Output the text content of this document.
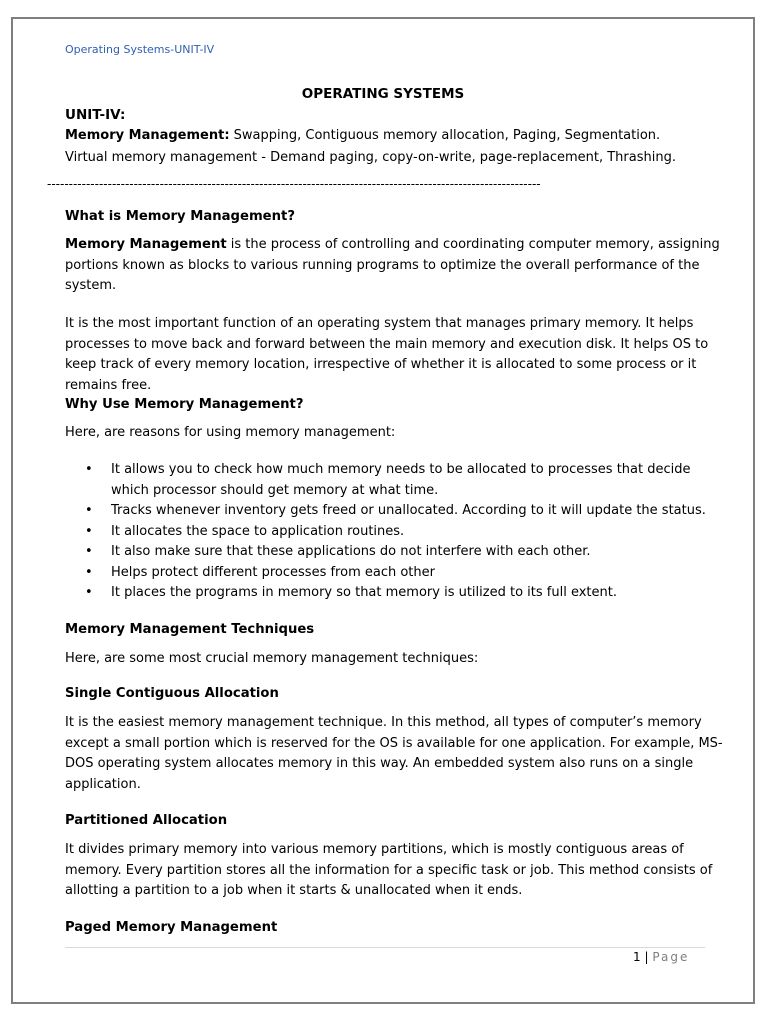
Operating Systems-UNIT-IV
OPERATING SYSTEMS
UNIT-IV:
Memory Management: Swapping, Contiguous memory allocation, Paging, Segmentation.
Virtual memory management - Demand paging, copy-on-write, page-replacement, Thrashing.
------------------------------------------------------------------------------------------------------------------
What is Memory Management?
Memory Management is the process of controlling and coordinating computer memory, assigning
portions known as blocks to various running programs to optimize the overall performance of the
system.
It is the most important function of an operating system that manages primary memory. It helps
processes to move back and forward between the main memory and execution disk. It helps OS to
keep track of every memory location, irrespective of whether it is allocated to some process or it
remains free.
Why Use Memory Management?
Here, are reasons for using memory management:
• It allows you to check how much memory needs to be allocated to processes that decide
which processor should get memory at what time.
• Tracks whenever inventory gets freed or unallocated. According to it will update the status.
• It allocates the space to application routines.
• It also make sure that these applications do not interfere with each other.
• Helps protect different processes from each other
• It places the programs in memory so that memory is utilized to its full extent.
Memory Management Techniques
Here, are some most crucial memory management techniques:
Single Contiguous Allocation
It is the easiest memory management technique. In this method, all types of computer’s memory
except a small portion which is reserved for the OS is available for one application. For example, MS-
DOS operating system allocates memory in this way. An embedded system also runs on a single
application.
Partitioned Allocation
It divides primary memory into various memory partitions, which is mostly contiguous areas of
memory. Every partition stores all the information for a specific task or job. This method consists of
allotting a partition to a job when it starts & unallocated when it ends.
Paged Memory Management
1 | Page
